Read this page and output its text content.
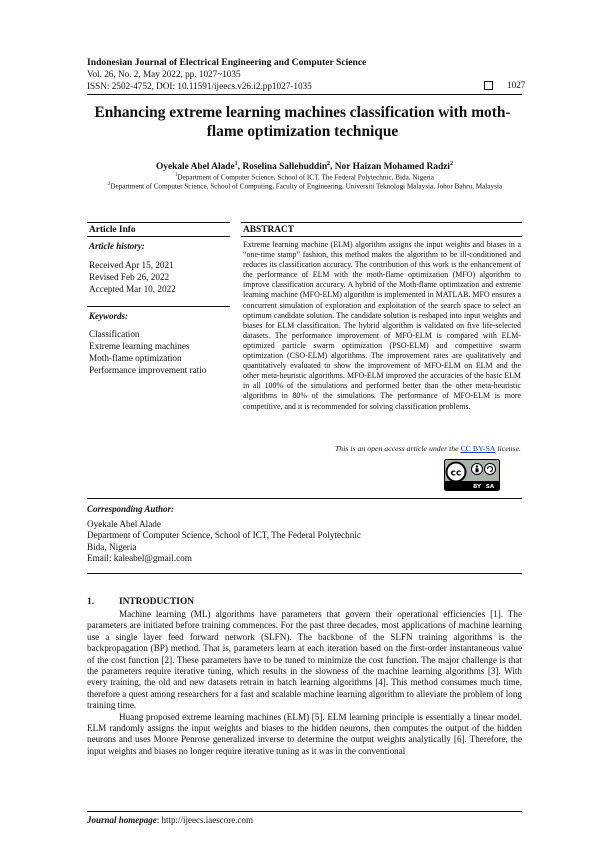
Indonesian Journal of Electrical Engineering and Computer Science
Vol. 26, No. 2, May 2022, pp. 1027~1035
ISSN: 2502-4752, DOI: 10.11591/ijeecs.v26.i2.pp1027-1035	1027
Enhancing extreme learning machines classification with moth-flame optimization technique
Oyekale Abel Alade$^1$, Roselina Sallehuddin$^2$, Nor Haizan Mohamed Radzi$^2$
$^1$Department of Computer Science, School of ICT, The Federal Polytechnic, Bida, Nigeria
$^2$Department of Computer Science, School of Computing, Faculty of Engineering, Universiti Teknologi Malaysia, Johor Bahru, Malaysia
Article Info
Article history:
Received Apr 15, 2021
Revised Feb 26, 2022
Accepted Mar 10, 2022
Keywords:
Classification
Extreme learning machines
Moth-flame optimization
Performance improvement ratio
ABSTRACT
Extreme learning machine (ELM) algorithm assigns the input weights and biases in a “one-time stamp” fashion, this method makes the algorithm to be ill-conditioned and reduces its classification accuracy. The contribution of this work is the enhancement of the performance of ELM with the moth-flame optimization (MFO) algorithm to improve classification accuracy. A hybrid of the Moth-flame optimization and extreme learning machine (MFO-ELM) algorithm is implemented in MATLAB. MFO ensures a concurrent simulation of exploration and exploitation of the search space to select an optimum candidate solution. The candidate solution is reshaped into input weights and biases for ELM classification. The hybrid algorithm is validated on five life-selected datasets. The performance improvement of MFO-ELM is compared with ELM-optimized particle swarm optimization (PSO-ELM) and competitive swarm optimization (CSO-ELM) algorithms. The improvement rates are qualitatively and quantitatively evaluated to show the improvement of MFO-ELM on ELM and the other meta-heuristic algorithms. MFO-ELM improved the accuracies of the basic ELM in all 100% of the simulations and performed better than the other meta-heuristic algorithms in 80% of the simulations. The performance of MFO-ELM is more competitive, and it is recommended for solving classification problems.
This is an open access article under the CC BY-SA license.
cc
BY SA
Corresponding Author:
Oyekale Abel Alade
Department of Computer Science, School of ICT, The Federal Polytechnic
Bida, Nigeria
Email: kaleabel@gmail.com
1.	INTRODUCTION

Machine learning (ML) algorithms have parameters that govern their operational efficiencies [1]. The parameters are initiated before training commences. For the past three decades, most applications of machine learning use a single layer feed forward network (SLFN). The backbone of the SLFN training algorithms is the backpropagation (BP) method. That is, parameters learn at each iteration based on the first-order instantaneous value of the cost function [2]. These parameters have to be tuned to minimize the cost function. The major challenge is that the parameters require iterative tuning, which results in the slowness of the machine learning algorithms [3]. With every training, the old and new datasets retrain in batch learning algorithms [4]. This method consumes much time, therefore a quest among researchers for a fast and scalable machine learning algorithm to alleviate the problem of long training time.

Huang proposed extreme learning machines (ELM) [5]. ELM learning principle is essentially a linear model. ELM randomly assigns the input weights and biases to the hidden neurons, then computes the output of the hidden neurons and uses Moore Penrose generalized inverse to determine the output weights analytically [6]. Therefore, the input weights and biases no longer require iterative tuning as it was in the conventional

Journal homepage: http://ijeecs.iaescore.com
